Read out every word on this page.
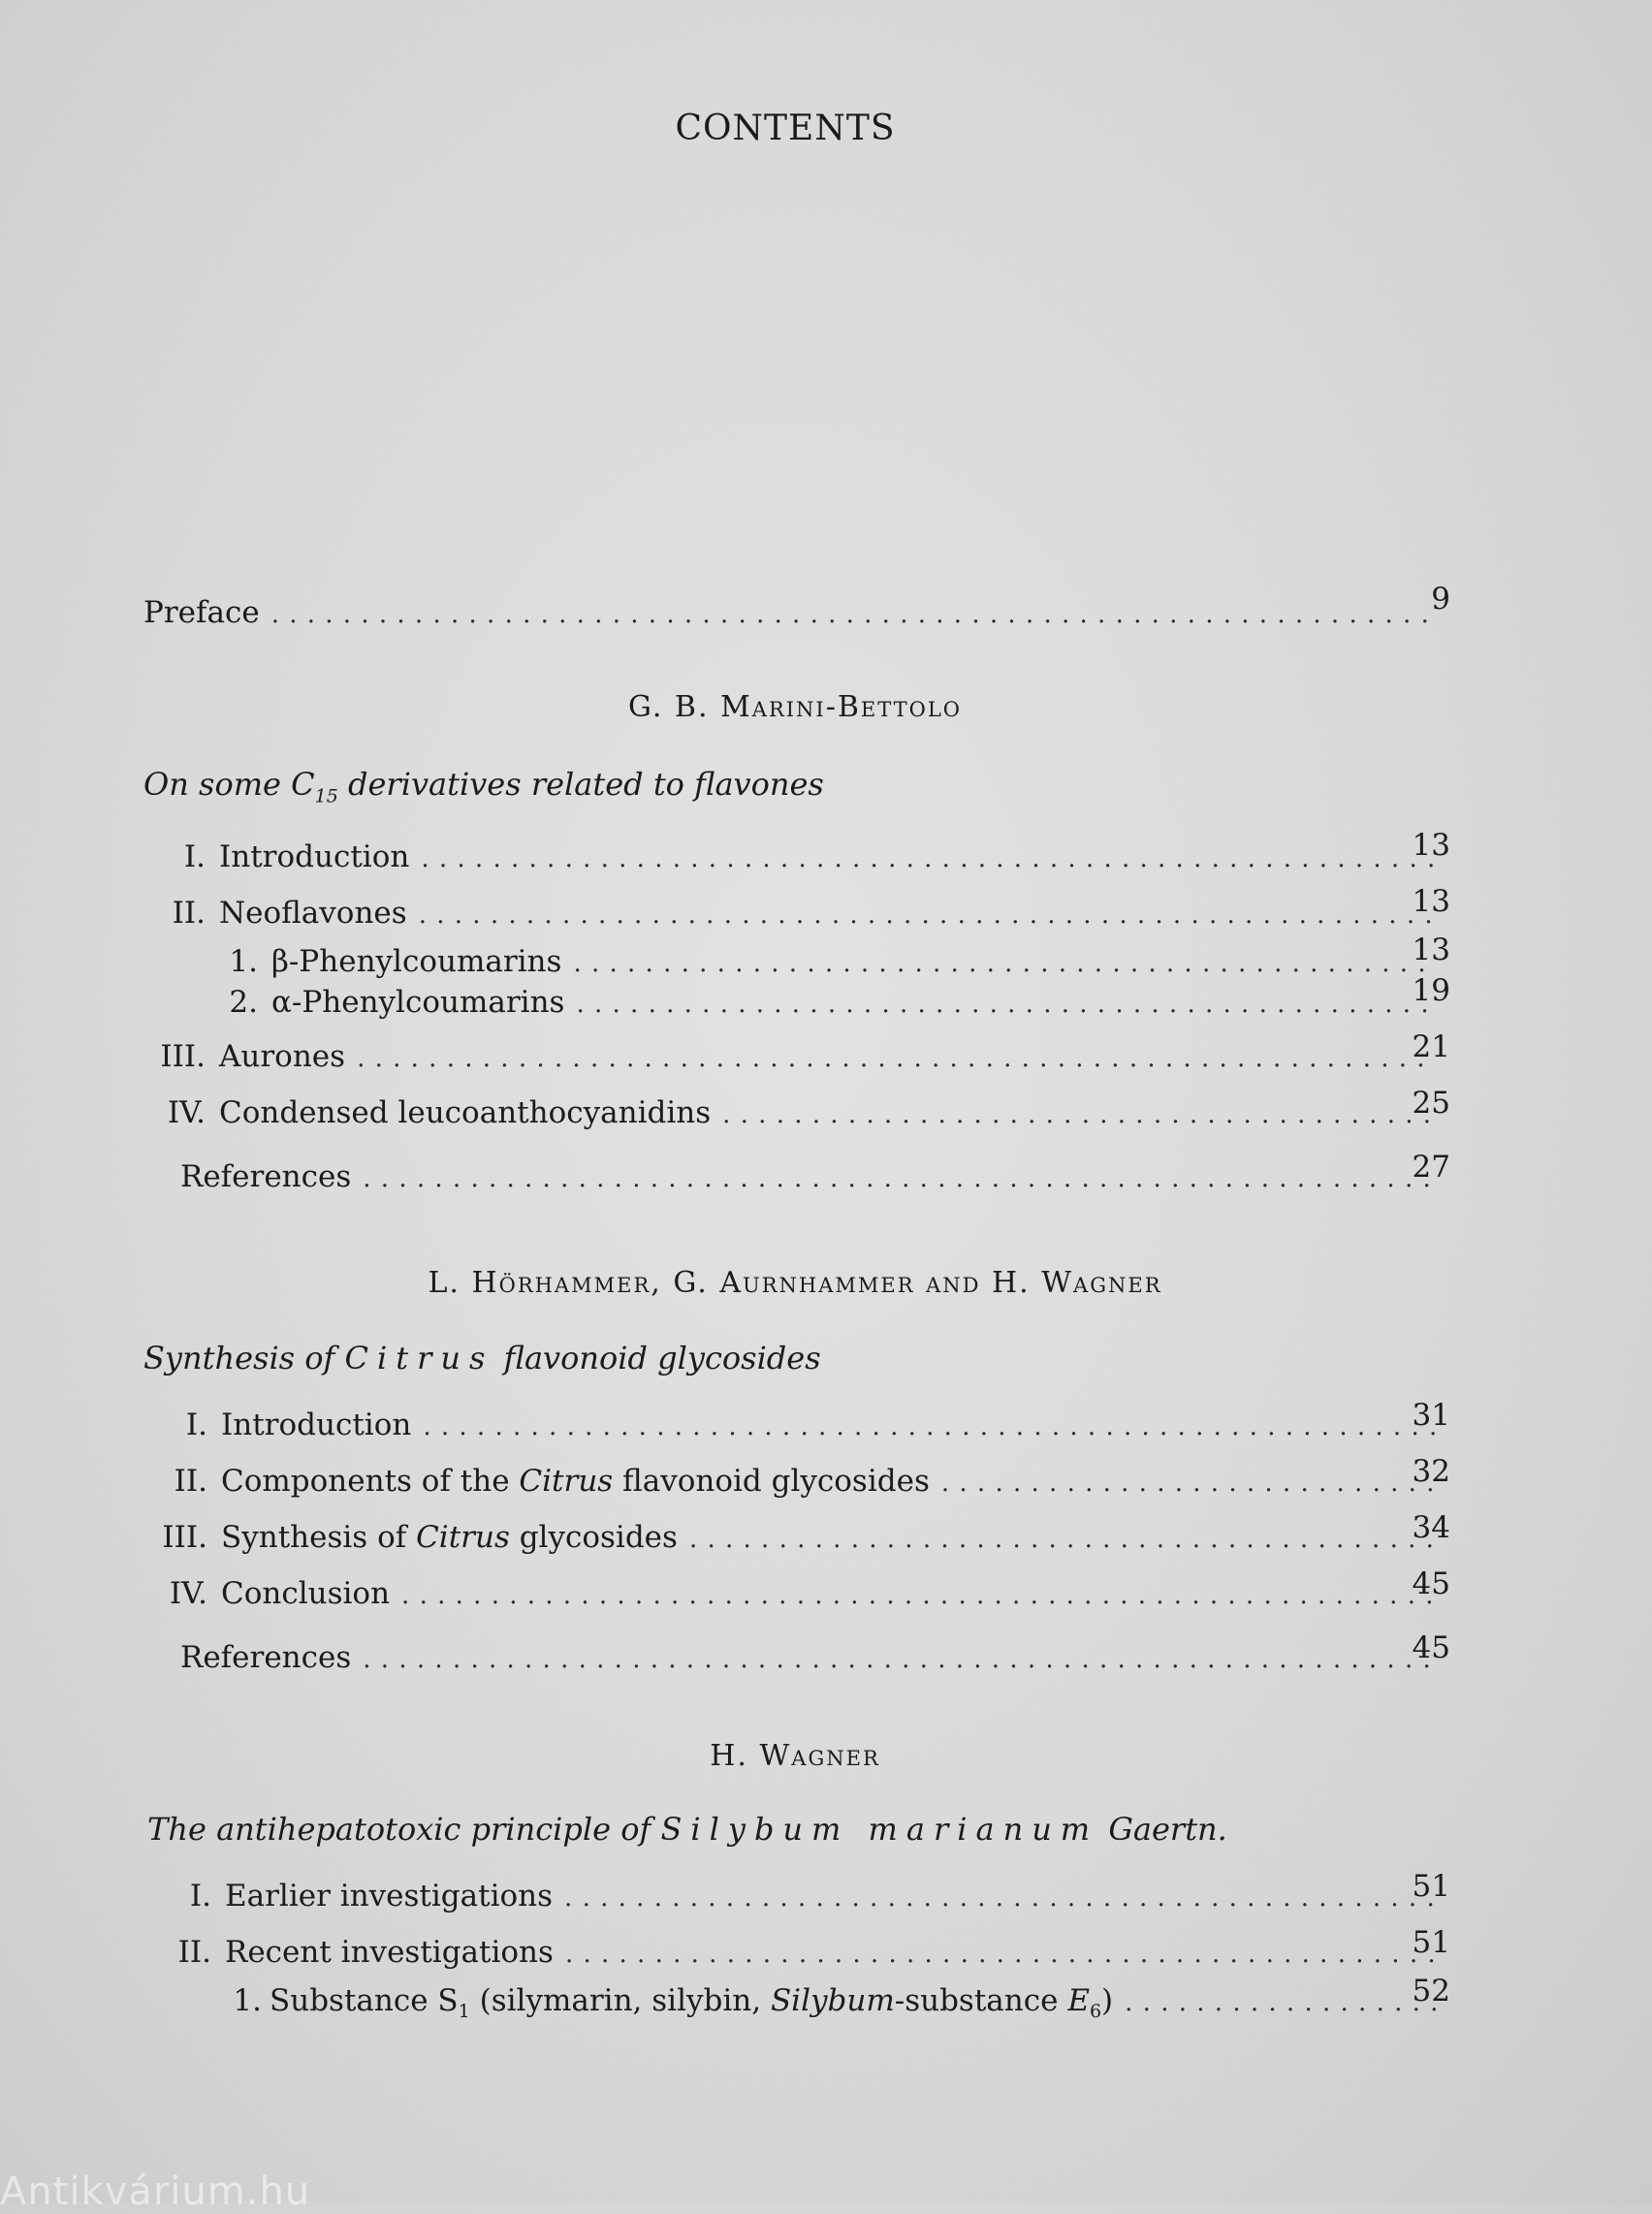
CONTENTS
Preface . . .	9
G. B. Marini-Bettolo
On some $C_{15}$ derivatives related to flavones
I. Introduction . . .	13
II. Neoflavones . . .	13
1. β-Phenylcoumarins . . .	13
2. α-Phenylcoumarins . . .	19
III. Aurones . . .	21
IV. Condensed leucoanthocyanidins . . .	25
References . . .	27
L. Hörhammer, G. Aurnhammer and H. Wagner
Synthesis of Citrus flavonoid glycosides
I. Introduction . . .	31
II. Components of the Citrus flavonoid glycosides . . .	32
III. Synthesis of Citrus glycosides . . .	34
IV. Conclusion . . .	45
References . . .	45
H. Wagner
The antihepatotoxic principle of Silybum marianum Gaertn.
I. Earlier investigations . . .	51
II. Recent investigations . . .	51
1. Substance $S_1$ (silymarin, silybin, Silybum-substance $E_6$) . . .	52
Antikvárium.hu
